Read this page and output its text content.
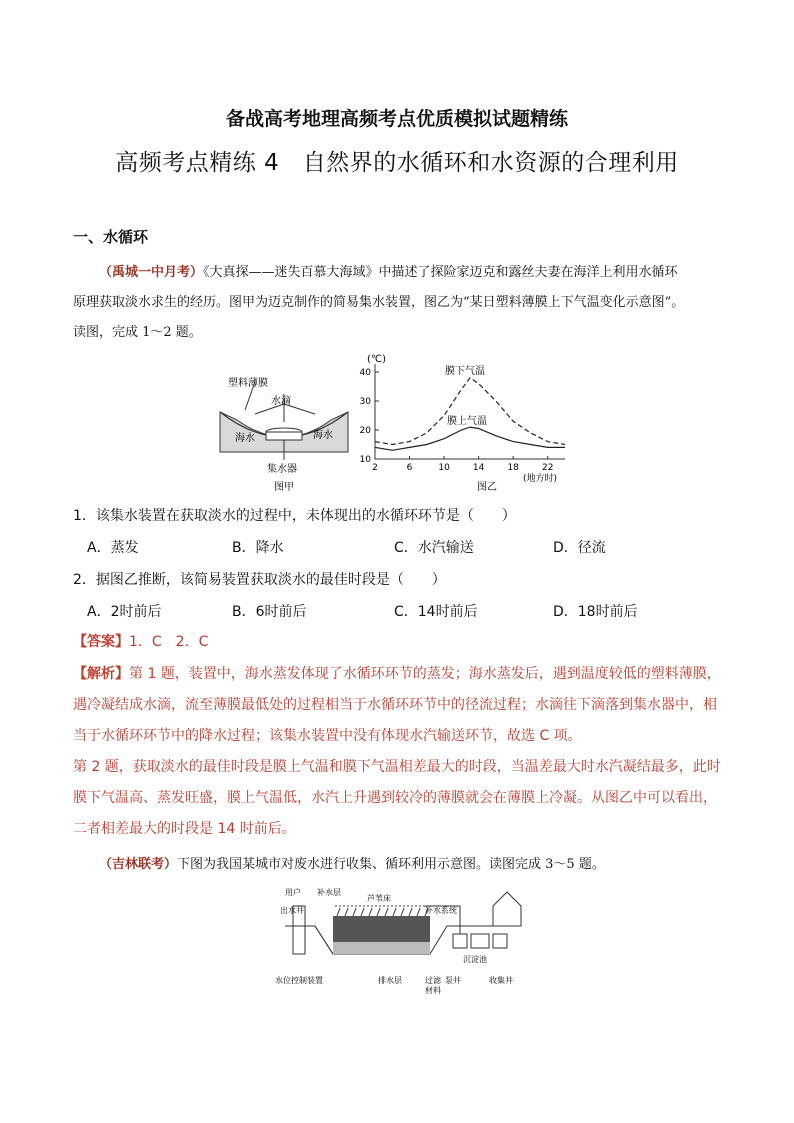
备战高考地理高频考点优质模拟试题精练
高频考点精练 4　自然界的水循环和水资源的合理利用
一、水循环
（禹城一中月考）《大真探——迷失百慕大海域》中描述了探险家迈克和露丝夫妻在海洋上利用水循环
原理获取淡水求生的经历。图甲为迈克制作的简易集水装置，图乙为“某日塑料薄膜上下气温变化示意图”。
读图，完成 1～2 题。
塑料薄膜
水滴
海水	海水
集水器
图甲
10
20
30
40
2	6	10	14	18	22
(℃)
膜下气温
膜上气温
(地方时)
图乙
1．该集水装置在获取淡水的过程中，未体现出的水循环环节是（　　）
A．蒸发	B．降水	C．水汽输送	D．径流
2．据图乙推断，该简易装置获取淡水的最佳时段是（　　）
A．2时前后	B．6时前后	C．14时前后	D．18时前后
【答案】1．C　2．C
【解析】第 1 题，装置中，海水蒸发体现了水循环环节的蒸发；海水蒸发后，遇到温度较低的塑料薄膜，
遇冷凝结成水滴，流至薄膜最低处的过程相当于水循环环节中的径流过程；水滴往下滴落到集水器中，相
当于水循环环节中的降水过程；该集水装置中没有体现水汽输送环节，故选 C 项。
第 2 题，获取淡水的最佳时段是膜上气温和膜下气温相差最大的时段，当温差最大时水汽凝结最多，此时
膜下气温高、蒸发旺盛，膜上气温低，水汽上升遇到较冷的薄膜就会在薄膜上冷凝。从图乙中可以看出，
二者相差最大的时段是 14 时前后。
（吉林联考）下图为我国某城市对废水进行收集、循环利用示意图。读图完成 3～5 题。
用户
出水井
补水层
芦苇床
补水系统
水位控制装置	排水层	过滤
材料
泵井
沉淀池
收集井
